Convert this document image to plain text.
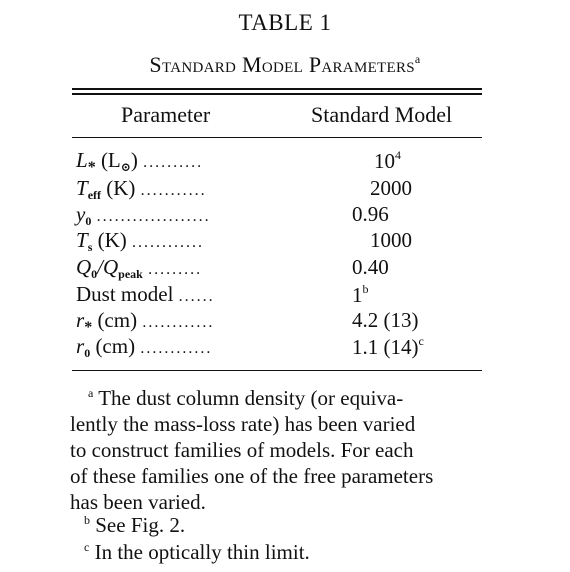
TABLE 1
Standard Model Parameters$^a$
Parameter	Standard Model
$L_*$ $(L_⊙)$ ..........	$10^4$
$T_{eff}$ (K) ...........	2000
$y_0$ ...................	0.96
$T_s$ (K) ............	1000
$Q_0/Q_{peak}$ .........	0.40
Dust model ......	1$^b$
$r_*$ (cm) ............	4.2 (13)
$r_0$ (cm) ............	1.1 $(14)^c$
$^a$ The dust column density (or equiva-
lently the mass-loss rate) has been varied
to construct families of models. For each
of these families one of the free parameters
has been varied.
$^b$ See Fig. 2.
$^c$ In the optically thin limit.
